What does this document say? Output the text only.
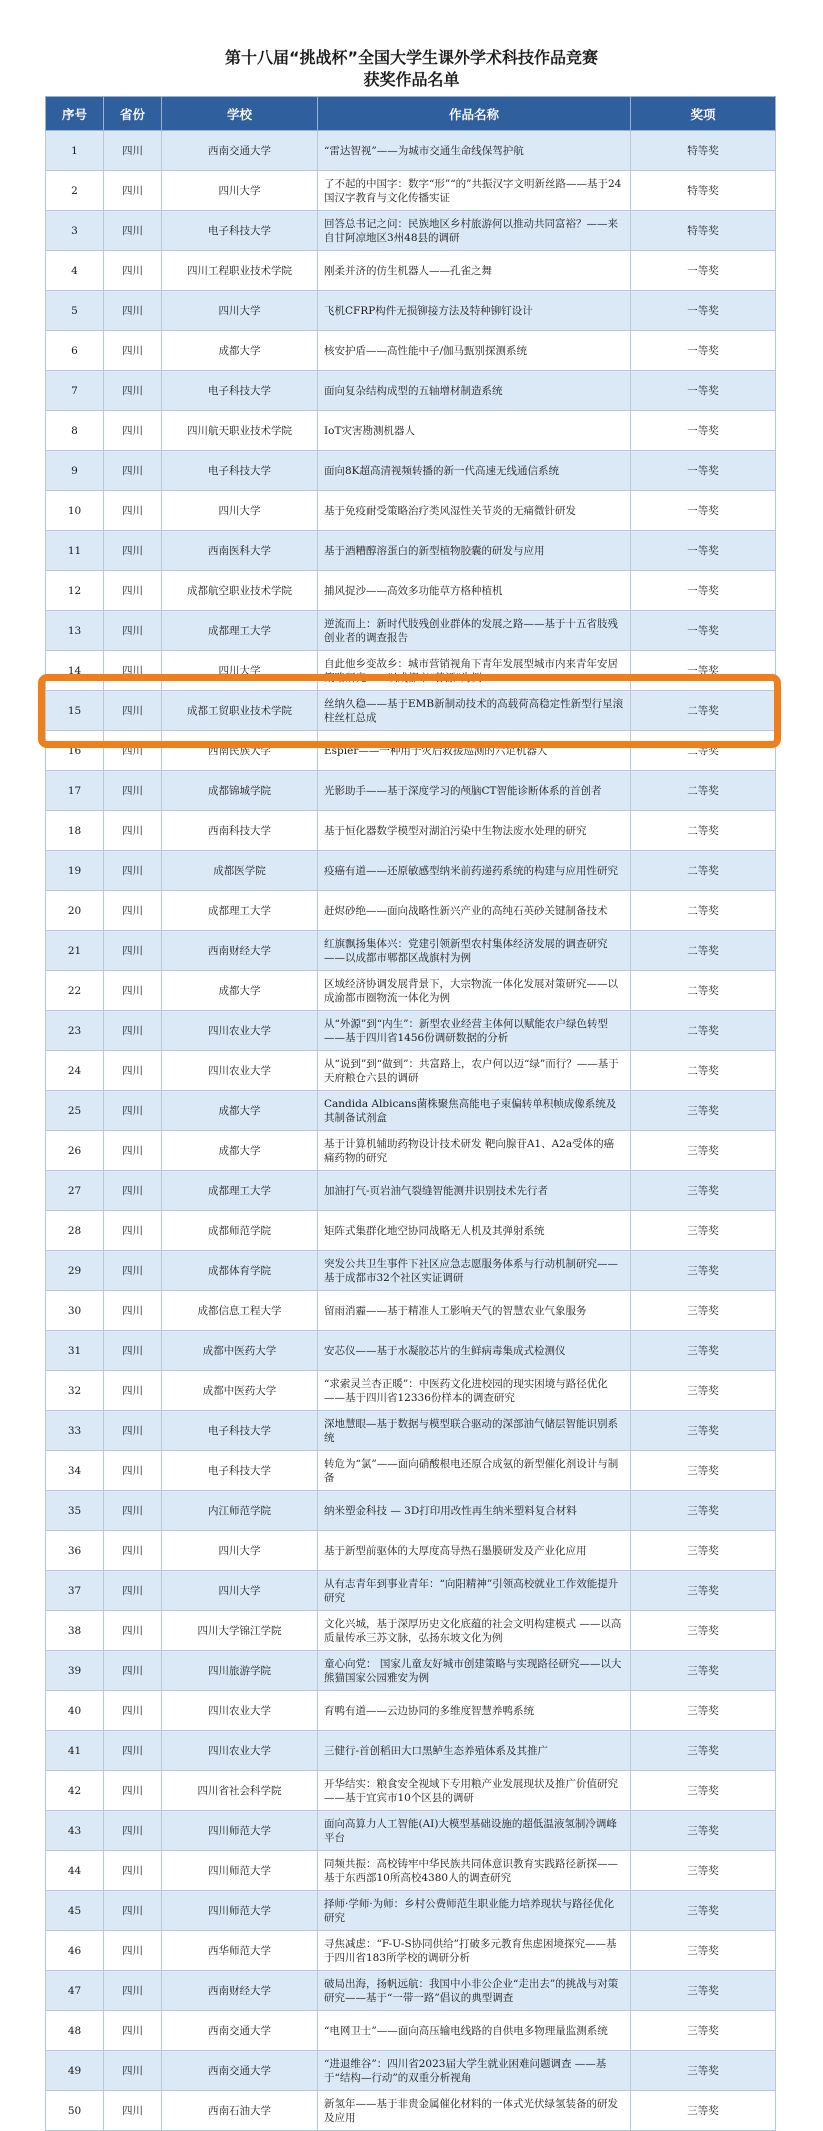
第十八届“挑战杯”全国大学生课外学术科技作品竞赛
获奖作品名单
序号	省份	学校	作品名称	奖项
1	四川	西南交通大学	“雷达智视”——为城市交通生命线保驾护航	特等奖
2	四川	四川大学	了不起的中国字：数字“形”“的”共振汉字文明新丝路——基于24国汉字教育与文化传播实证	特等奖
3	四川	电子科技大学	回答总书记之问：民族地区乡村旅游何以推动共同富裕？——来自甘阿凉地区3州48县的调研	特等奖
4	四川	四川工程职业技术学院	刚柔并济的仿生机器人——孔雀之舞	一等奖
5	四川	四川大学	飞机CFRP构件无损铆接方法及特种铆钉设计	一等奖
6	四川	成都大学	核安护盾——高性能中子/伽马甄别探测系统	一等奖
7	四川	电子科技大学	面向复杂结构成型的五轴增材制造系统	一等奖
8	四川	四川航天职业技术学院	IoT灾害勘测机器人	一等奖
9	四川	电子科技大学	面向8K超高清视频转播的新一代高速无线通信系统	一等奖
10	四川	四川大学	基于免疫耐受策略治疗类风湿性关节炎的无痛微针研发	一等奖
11	四川	西南医科大学	基于酒糟醇溶蛋白的新型植物胶囊的研发与应用	一等奖
12	四川	成都航空职业技术学院	捕风捉沙——高效多功能草方格种植机	一等奖
13	四川	成都理工大学	逆流而上：新时代肢残创业群体的发展之路——基于十五省肢残创业者的调查报告	一等奖
14	四川	四川大学	自此他乡变故乡：城市营销视角下青年发展型城市内来青年安居策略研究——以成都市“蓉漂”为例	一等奖
15	四川	成都工贸职业技术学院	丝纳久稳——基于EMB新制动技术的高载荷高稳定性新型行星滚柱丝杠总成	二等奖
16	四川	西南民族大学	Espier——一种用于灾后救援巡测的六足机器人	二等奖
17	四川	成都锦城学院	光影助手——基于深度学习的颅脑CT智能诊断体系的首创者	二等奖
18	四川	西南科技大学	基于恒化器数学模型对湖泊污染中生物法废水处理的研究	二等奖
19	四川	成都医学院	疫癌有道——还原敏感型纳米前药递药系统的构建与应用性研究	二等奖
20	四川	成都理工大学	赶烬砂绝——面向战略性新兴产业的高纯石英砂关键制备技术	二等奖
21	四川	西南财经大学	红旗飘扬集体兴：党建引领新型农村集体经济发展的调查研究——以成都市郫都区战旗村为例	二等奖
22	四川	成都大学	区域经济协调发展背景下，大宗物流一体化发展对策研究——以成渝都市圈物流一体化为例	二等奖
23	四川	四川农业大学	从“外源”到“内生”：新型农业经营主体何以赋能农户绿色转型——基于四川省1456份调研数据的分析	二等奖
24	四川	四川农业大学	从“说到”到“做到”：共富路上，农户何以迈“绿”而行？——基于天府粮仓六县的调研	二等奖
25	四川	成都大学	Candida Albicans菌株聚焦高能电子束偏转单积帧成像系统及其制备试剂盒	三等奖
26	四川	成都大学	基于计算机辅助药物设计技术研发 靶向腺苷A1、A2a受体的癌痛药物的研究	三等奖
27	四川	成都理工大学	加油打气-页岩油气裂缝智能测井识别技术先行者	三等奖
28	四川	成都师范学院	矩阵式集群化地空协同战略无人机及其弹射系统	三等奖
29	四川	成都体育学院	突发公共卫生事件下社区应急志愿服务体系与行动机制研究——基于成都市32个社区实证调研	三等奖
30	四川	成都信息工程大学	留雨消霾——基于精准人工影响天气的智慧农业气象服务	三等奖
31	四川	成都中医药大学	安芯仪——基于水凝胶芯片的生鲜病毒集成式检测仪	三等奖
32	四川	成都中医药大学	“求索灵兰杏正暖”：中医药文化进校园的现实困境与路径优化 ——基于四川省12336份样本的调查研究	三等奖
33	四川	电子科技大学	深地慧眼—基于数据与模型联合驱动的深部油气储层智能识别系统	三等奖
34	四川	电子科技大学	转危为“氯”——面向硝酸根电还原合成氨的新型催化剂设计与制备	三等奖
35	四川	内江师范学院	纳米塑金科技 — 3D打印用改性再生纳米塑料复合材料	三等奖
36	四川	四川大学	基于新型前驱体的大厚度高导热石墨膜研发及产业化应用	三等奖
37	四川	四川大学	从有志青年到事业青年：“向阳精神”引领高校就业工作效能提升研究	三等奖
38	四川	四川大学锦江学院	文化兴城，基于深厚历史文化底蕴的社会文明构建模式 ——以高质量传承三苏文脉，弘扬东坡文化为例	三等奖
39	四川	四川旅游学院	童心向党： 国家儿童友好城市创建策略与实现路径研究——以大熊猫国家公园雅安为例	三等奖
40	四川	四川农业大学	育鸭有道——云边协同的多维度智慧养鸭系统	三等奖
41	四川	四川农业大学	三健行-首创稻田大口黑鲈生态养殖体系及其推广	三等奖
42	四川	四川省社会科学院	开华结实：粮食安全视域下专用粮产业发展现状及推广价值研究 ——基于宜宾市10个区县的调研	三等奖
43	四川	四川师范大学	面向高算力人工智能(AI)大模型基础设施的超低温液氢制冷调峰平台	三等奖
44	四川	四川师范大学	同频共振：高校铸牢中华民族共同体意识教育实践路径新探——基于东西部10所高校4380人的调查研究	三等奖
45	四川	四川师范大学	择师·学师·为师：乡村公费师范生职业能力培养现状与路径优化研究	三等奖
46	四川	西华师范大学	寻焦减虑：“F-U-S协同供给”打破多元教育焦虑困境探究——基于四川省183所学校的调研分析	三等奖
47	四川	西南财经大学	破局出海，扬帆远航：我国中小非公企业“走出去”的挑战与对策研究——基于“一带一路”倡议的典型调查	三等奖
48	四川	西南交通大学	“电网卫士”——面向高压输电线路的自供电多物理量监测系统	三等奖
49	四川	西南交通大学	“进退维谷”：四川省2023届大学生就业困难问题调查 ——基于“结构—行动”的双重分析视角	三等奖
50	四川	西南石油大学	新氢年——基于非贵金属催化材料的一体式光伏绿氢装备的研发及应用	三等奖
